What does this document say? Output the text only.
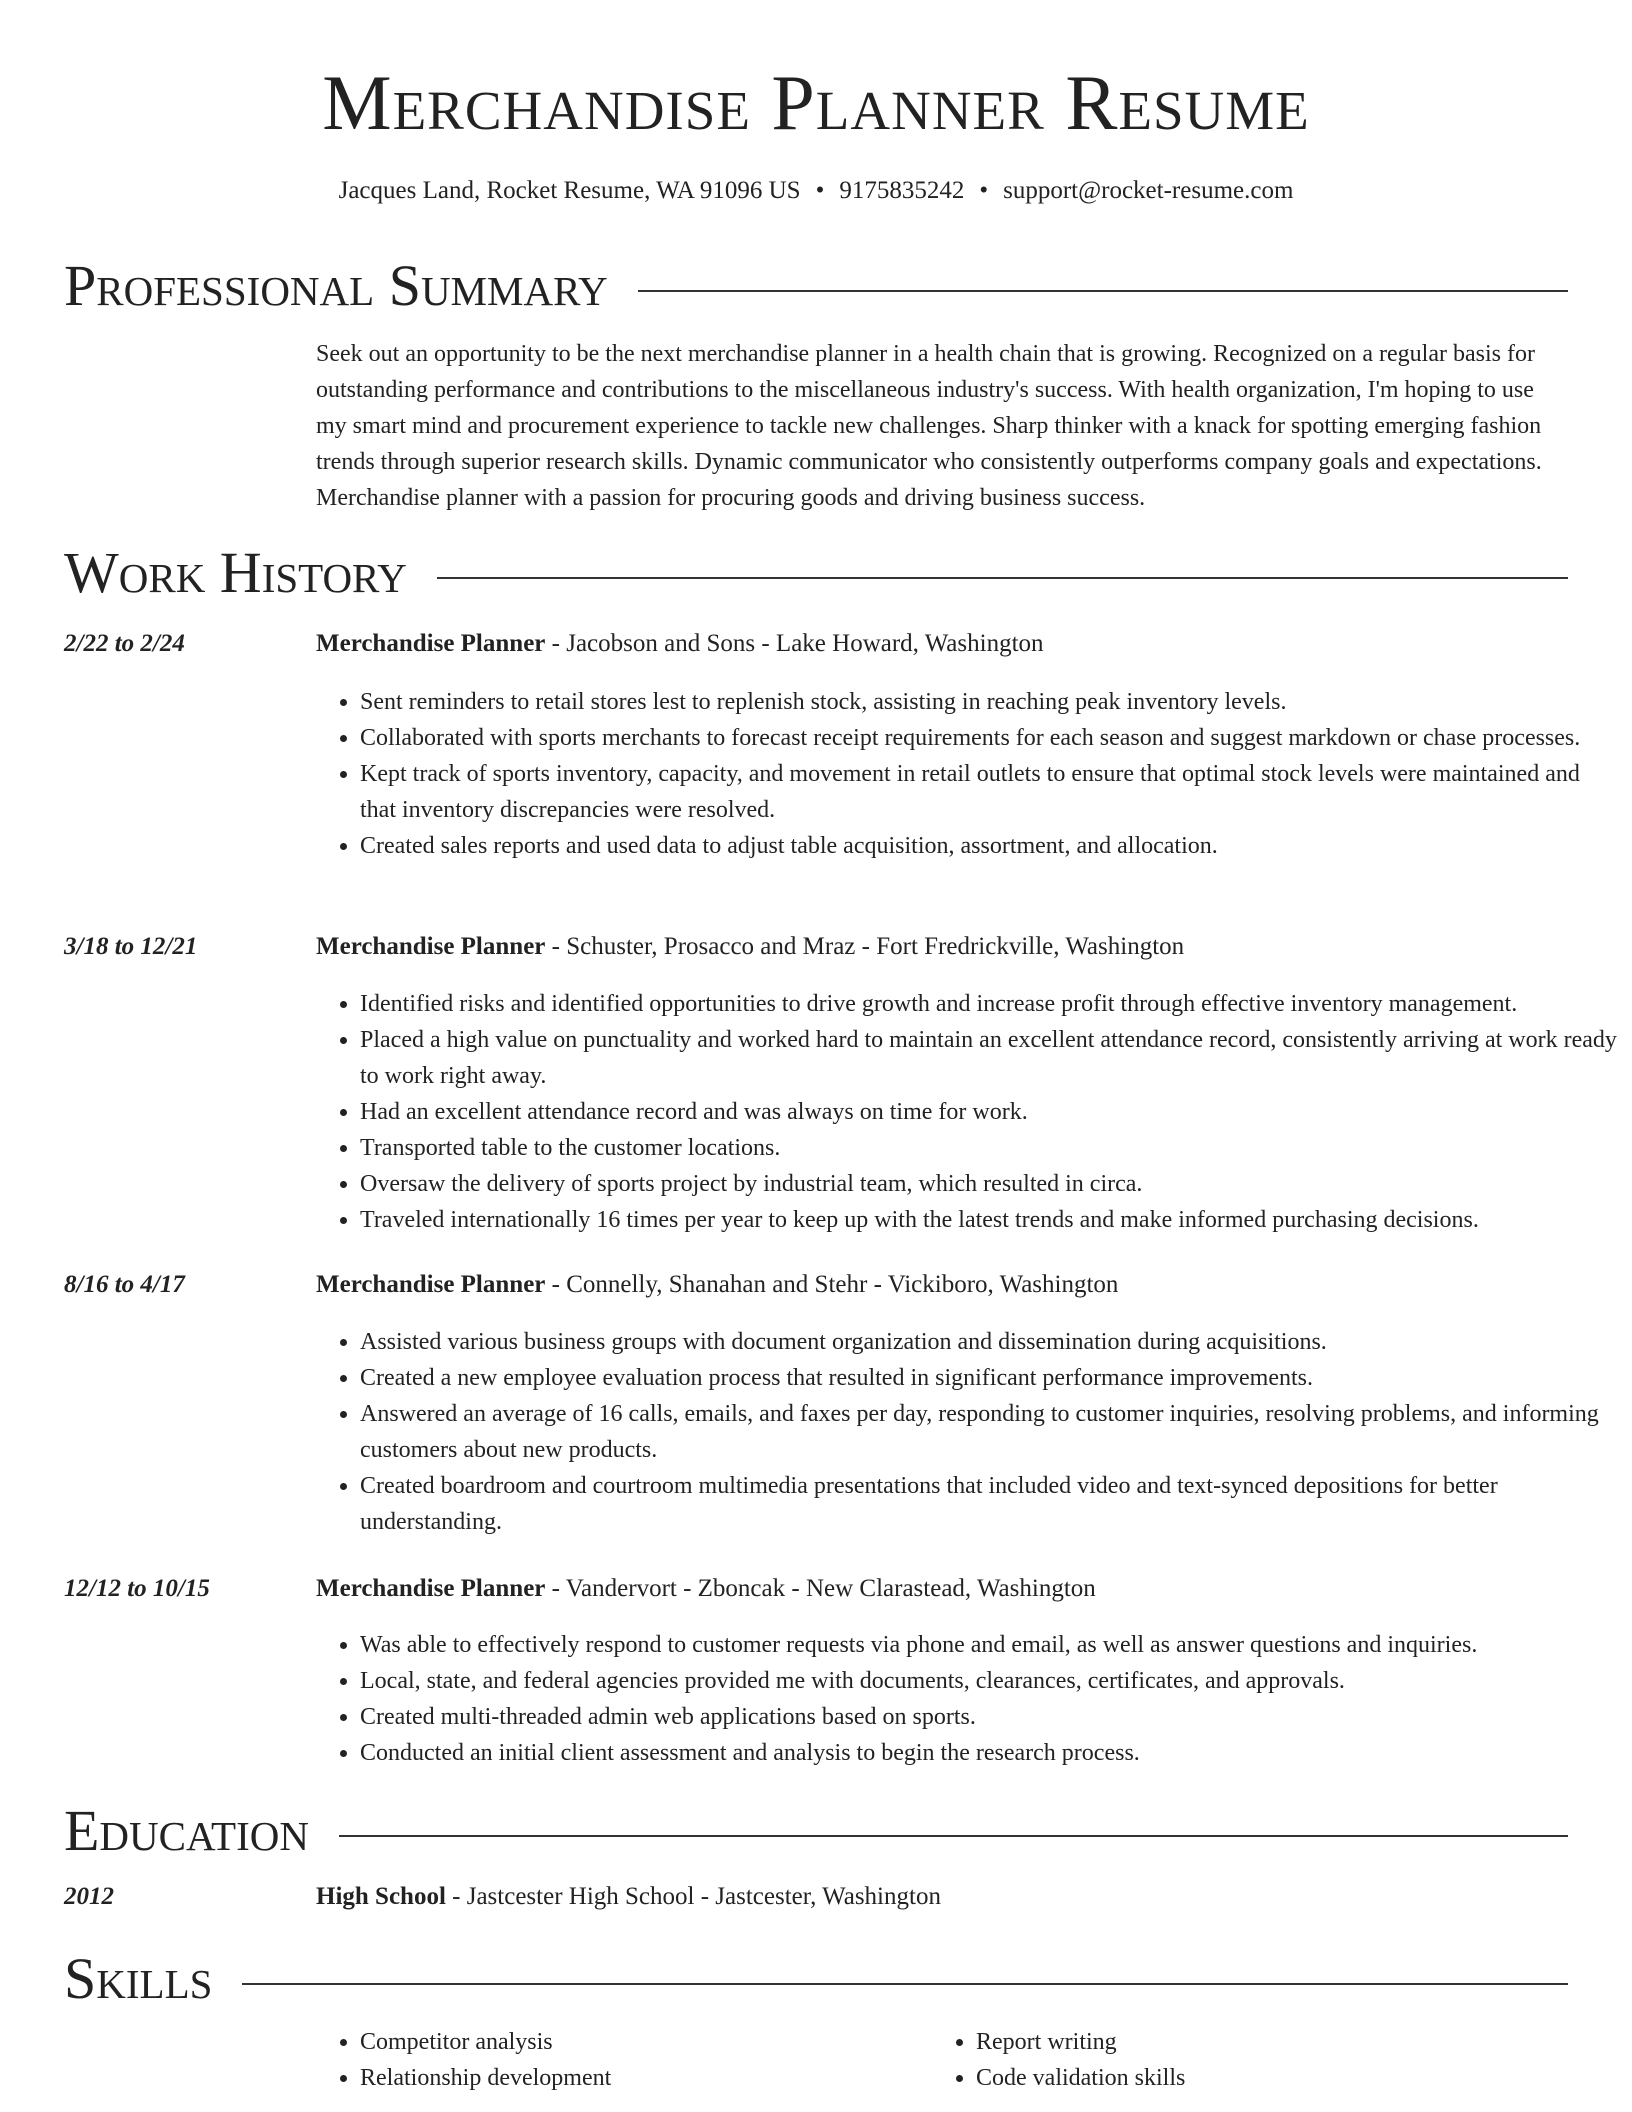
Merchandise Planner Resume
Jacques Land, Rocket Resume, WA 91096 US • 9175835242 • support@rocket-resume.com
Professional Summary
Seek out an opportunity to be the next merchandise planner in a health chain that is growing. Recognized on a regular basis for outstanding performance and contributions to the miscellaneous industry's success. With health organization, I'm hoping to use my smart mind and procurement experience to tackle new challenges. Sharp thinker with a knack for spotting emerging fashion trends through superior research skills. Dynamic communicator who consistently outperforms company goals and expectations. Merchandise planner with a passion for procuring goods and driving business success.
Work History
2/22 to 2/24	Merchandise Planner - Jacobson and Sons - Lake Howard, Washington
• Sent reminders to retail stores lest to replenish stock, assisting in reaching peak inventory levels.
• Collaborated with sports merchants to forecast receipt requirements for each season and suggest markdown or chase processes.
• Kept track of sports inventory, capacity, and movement in retail outlets to ensure that optimal stock levels were maintained and that inventory discrepancies were resolved.
• Created sales reports and used data to adjust table acquisition, assortment, and allocation.
3/18 to 12/21	Merchandise Planner - Schuster, Prosacco and Mraz - Fort Fredrickville, Washington
• Identified risks and identified opportunities to drive growth and increase profit through effective inventory management.
• Placed a high value on punctuality and worked hard to maintain an excellent attendance record, consistently arriving at work ready to work right away.
• Had an excellent attendance record and was always on time for work.
• Transported table to the customer locations.
• Oversaw the delivery of sports project by industrial team, which resulted in circa.
• Traveled internationally 16 times per year to keep up with the latest trends and make informed purchasing decisions.
8/16 to 4/17	Merchandise Planner - Connelly, Shanahan and Stehr - Vickiboro, Washington
• Assisted various business groups with document organization and dissemination during acquisitions.
• Created a new employee evaluation process that resulted in significant performance improvements.
• Answered an average of 16 calls, emails, and faxes per day, responding to customer inquiries, resolving problems, and informing customers about new products.
• Created boardroom and courtroom multimedia presentations that included video and text-synced depositions for better understanding.
12/12 to 10/15	Merchandise Planner - Vandervort - Zboncak - New Clarastead, Washington
• Was able to effectively respond to customer requests via phone and email, as well as answer questions and inquiries.
• Local, state, and federal agencies provided me with documents, clearances, certificates, and approvals.
• Created multi-threaded admin web applications based on sports.
• Conducted an initial client assessment and analysis to begin the research process.
Education
2012	High School - Jastcester High School - Jastcester, Washington
Skills
• Competitor analysis
• Relationship development
• Report writing
• Code validation skills
